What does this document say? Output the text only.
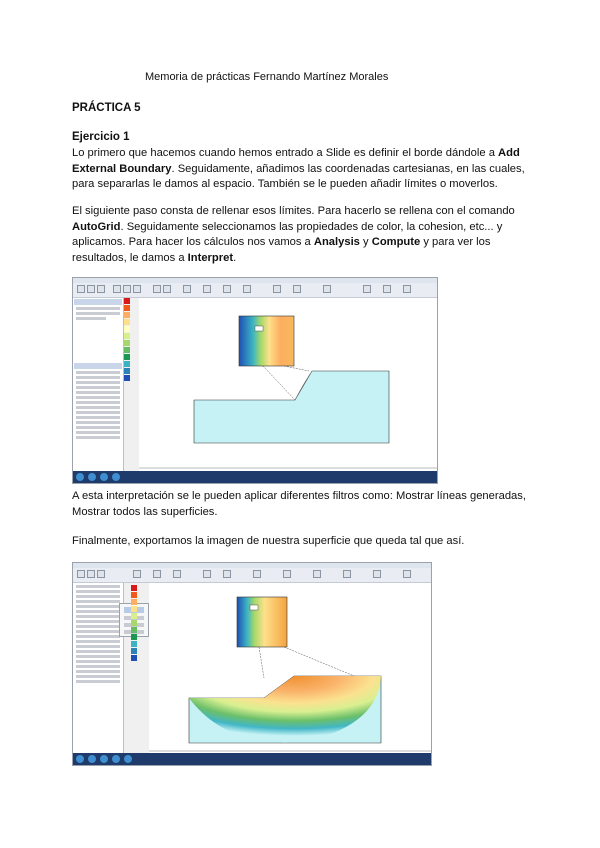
Memoria de prácticas Fernando Martínez Morales
PRÁCTICA 5
Ejercicio 1
Lo primero que hacemos cuando hemos entrado a Slide es definir el borde dándole a Add External Boundary. Seguidamente, añadimos las coordenadas cartesianas, en las cuales, para separarlas le damos al espacio. También se le pueden añadir límites o moverlos.
El siguiente paso consta de rellenar esos límites. Para hacerlo se rellena con el comando AutoGrid. Seguidamente seleccionamos las propiedades de color, la cohesion, etc... y aplicamos. Para hacer los cálculos nos vamos a Analysis y Compute y para ver los resultados, le damos a Interpret.
A esta interpretación se le pueden aplicar diferentes filtros como: Mostrar líneas generadas, Mostrar todos las superficies.
Finalmente, exportamos la imagen de nuestra superficie que queda tal que así.
